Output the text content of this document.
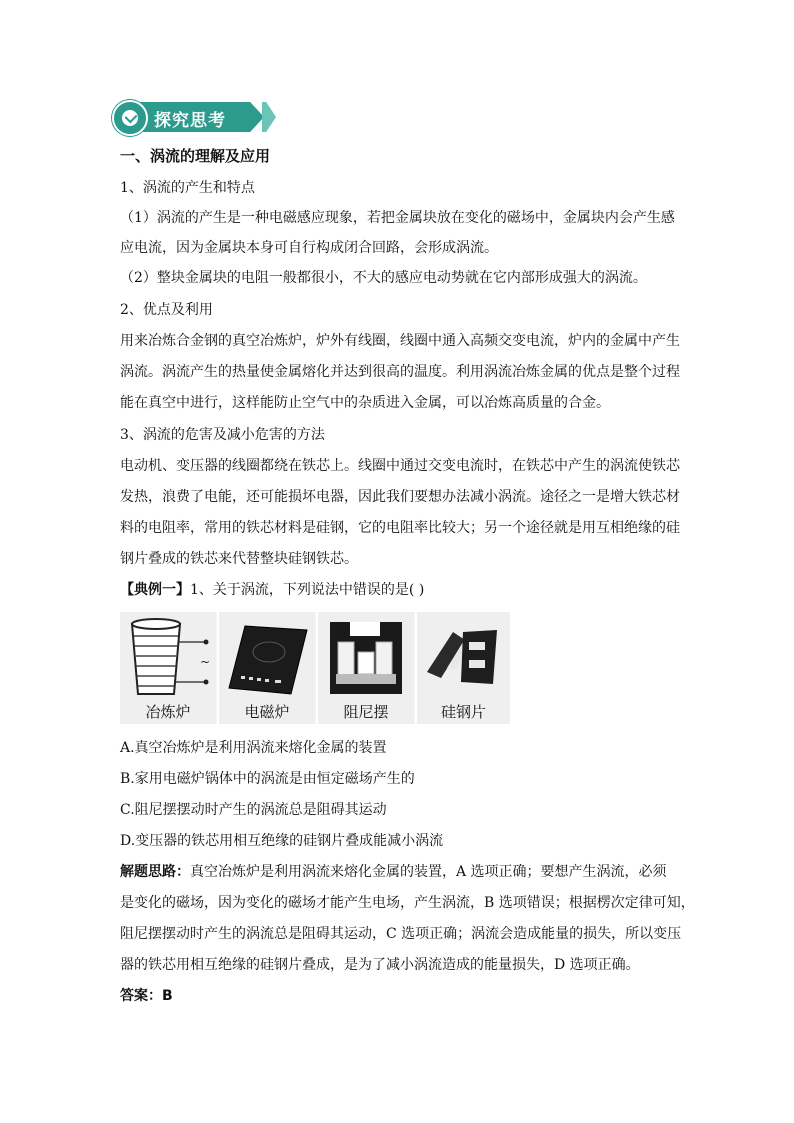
探究思考
一、涡流的理解及应用
1、涡流的产生和特点
（1）涡流的产生是一种电磁感应现象，若把金属块放在变化的磁场中，金属块内会产生感
应电流，因为金属块本身可自行构成闭合回路，会形成涡流。
（2）整块金属块的电阻一般都很小，不大的感应电动势就在它内部形成强大的涡流。
2、优点及利用
用来冶炼合金钢的真空冶炼炉，炉外有线圈，线圈中通入高频交变电流，炉内的金属中产生
涡流。涡流产生的热量使金属熔化并达到很高的温度。利用涡流冶炼金属的优点是整个过程
能在真空中进行，这样能防止空气中的杂质进入金属，可以冶炼高质量的合金。
3、涡流的危害及减小危害的方法
电动机、变压器的线圈都绕在铁芯上。线圈中通过交变电流时，在铁芯中产生的涡流使铁芯
发热，浪费了电能，还可能损坏电器，因此我们要想办法减小涡流。途径之一是增大铁芯材
料的电阻率，常用的铁芯材料是硅钢，它的电阻率比较大；另一个途径就是用互相绝缘的硅
钢片叠成的铁芯来代替整块硅钢铁芯。
【典例一】1、关于涡流，下列说法中错误的是( )
~
冶炼炉	电磁炉	阻尼摆	硅钢片
A.真空冶炼炉是利用涡流来熔化金属的装置
B.家用电磁炉锅体中的涡流是由恒定磁场产生的
C.阻尼摆摆动时产生的涡流总是阻碍其运动
D.变压器的铁芯用相互绝缘的硅钢片叠成能减小涡流
解题思路：真空冶炼炉是利用涡流来熔化金属的装置，A 选项正确；要想产生涡流，必须
是变化的磁场，因为变化的磁场才能产生电场，产生涡流，B 选项错误；根据楞次定律可知，
阻尼摆摆动时产生的涡流总是阻碍其运动，C 选项正确；涡流会造成能量的损失，所以变压
器的铁芯用相互绝缘的硅钢片叠成，是为了减小涡流造成的能量损失，D 选项正确。
答案：B
